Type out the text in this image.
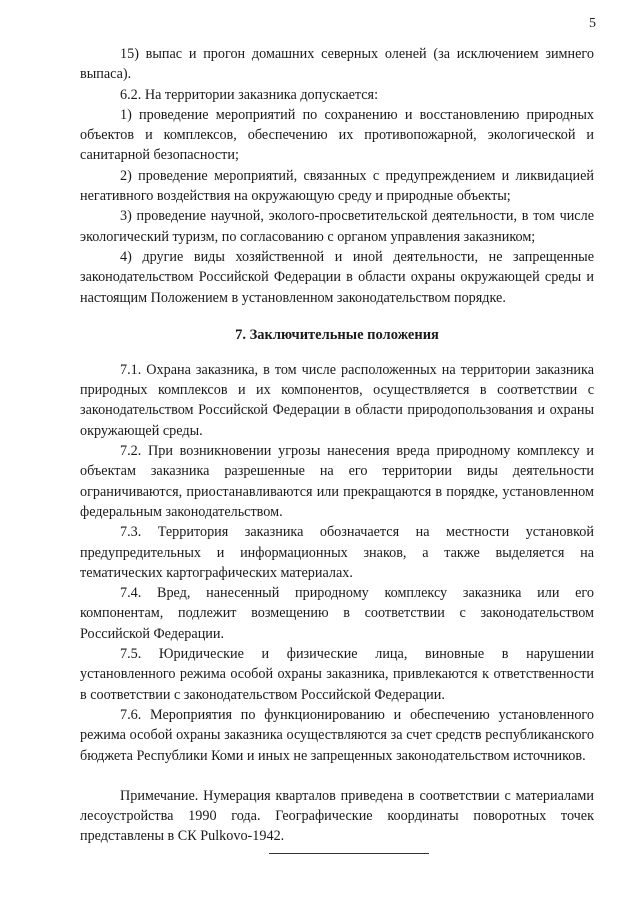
5

15) выпас и прогон домашних северных оленей (за исключением зимнего выпаса).

6.2. На территории заказника допускается:

1) проведение мероприятий по сохранению и восстановлению природных объектов и комплексов, обеспечению их противопожарной, экологической и санитарной безопасности;

2) проведение мероприятий, связанных с предупреждением и ликвидацией негативного воздействия на окружающую среду и природные объекты;

3) проведение научной, эколого-просветительской деятельности, в том числе экологический туризм, по согласованию с органом управления заказником;

4) другие виды хозяйственной и иной деятельности, не запрещенные законодательством Российской Федерации в области охраны окружающей среды и настоящим Положением в установленном законодательством порядке.

7. Заключительные положения

7.1. Охрана заказника, в том числе расположенных на территории заказника природных комплексов и их компонентов, осуществляется в соответствии с законодательством Российской Федерации в области природопользования и охраны окружающей среды.

7.2. При возникновении угрозы нанесения вреда природному комплексу и объектам заказника разрешенные на его территории виды деятельности ограничиваются, приостанавливаются или прекращаются в порядке, установленном федеральным законодательством.

7.3. Территория заказника обозначается на местности установкой предупредительных и информационных знаков, а также выделяется на тематических картографических материалах.

7.4. Вред, нанесенный природному комплексу заказника или его компонентам, подлежит возмещению в соответствии с законодательством Российской Федерации.

7.5. Юридические и физические лица, виновные в нарушении установленного режима особой охраны заказника, привлекаются к ответственности в соответствии с законодательством Российской Федерации.

7.6. Мероприятия по функционированию и обеспечению установленного режима особой охраны заказника осуществляются за счет средств республиканского бюджета Республики Коми и иных не запрещенных законодательством источников.

Примечание. Нумерация кварталов приведена в соответствии с материалами лесоустройства 1990 года. Географические координаты поворотных точек представлены в СК Pulkovo-1942.
